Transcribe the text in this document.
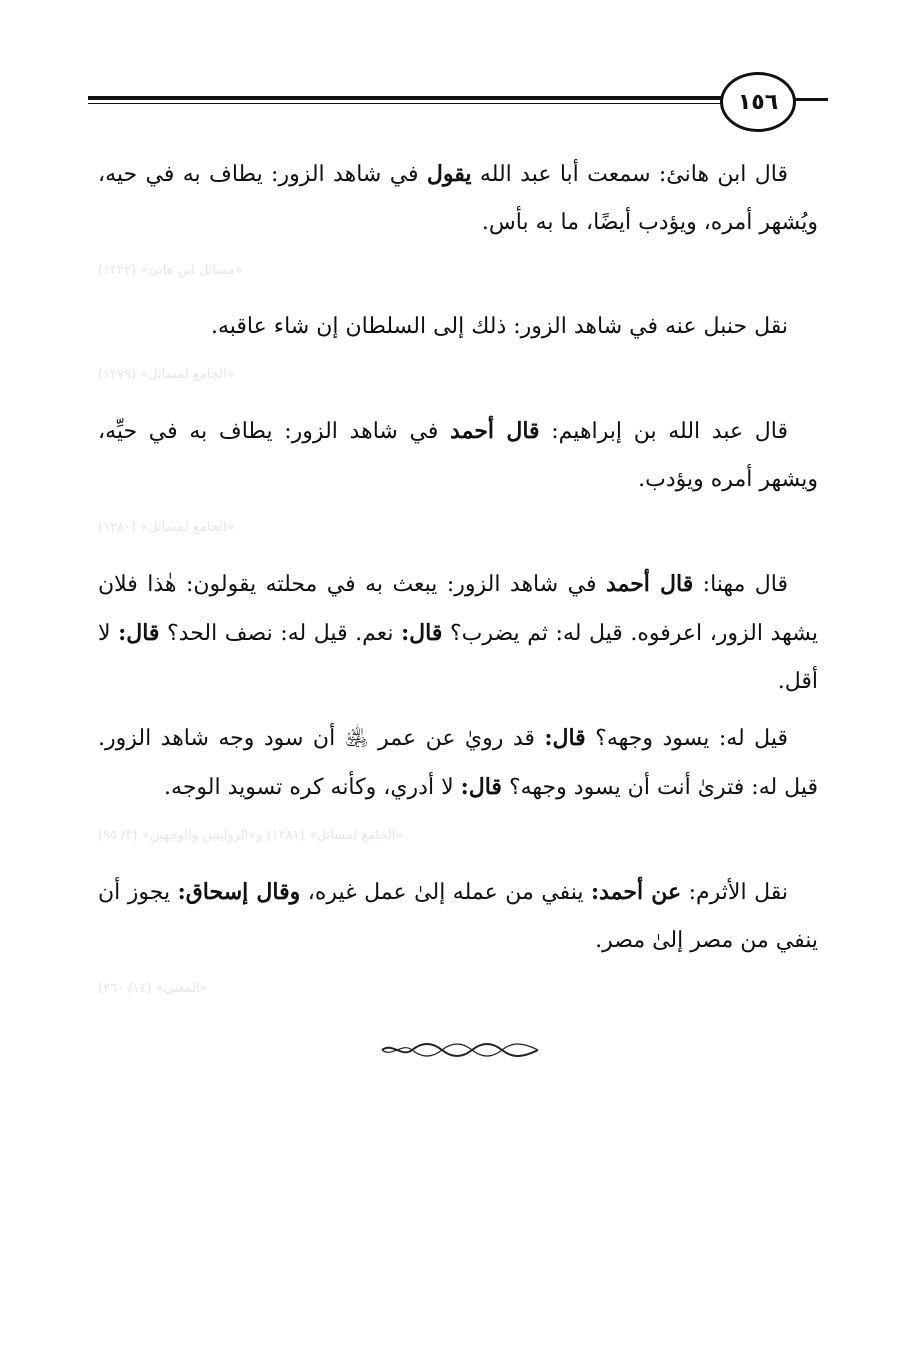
١٥٦

قال ابن هانئ: سمعت أبا عبد الله يقول في شاهد الزور: يطاف به في حيه، ويُشهر أمره، ويؤدب أيضًا، ما به بأس.

«مسائل ابن هانئ» (١٣٢٢)

نقل حنبل عنه في شاهد الزور: ذلك إلى السلطان إن شاء عاقبه.

«الجامع لمسائل» (١٢٧٩)

قال عبد الله بن إبراهيم: قال أحمد في شاهد الزور: يطاف به في حيِّه، ويشهر أمره ويؤدب.

«الجامع لمسائل» (١٢٨٠)

قال مهنا: قال أحمد في شاهد الزور: يبعث به في محلته يقولون: هٰذا فلان يشهد الزور، اعرفوه. قيل له: ثم يضرب؟ قال: نعم. قيل له: نصف الحد؟ قال: لا أقل.

قيل له: يسود وجهه؟ قال: قد رويٰ عن عمر ﵁ أن سود وجه شاهد الزور. قيل له: فترىٰ أنت أن يسود وجهه؟ قال: لا أدري، وكأنه كره تسويد الوجه.

«الجامع لمسائل» (١٢٨١) و«الروايتين والوجهين» (٣/ ٩٥)

نقل الأثرم: عن أحمد: ينفي من عمله إلىٰ عمل غيره، وقال إسحاق: يجوز أن ينفي من مصر إلىٰ مصر.

«المغني» (١٤/ ٢٦٠)
